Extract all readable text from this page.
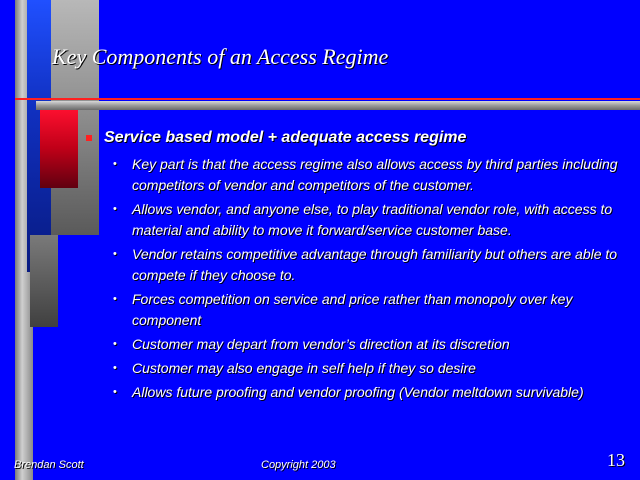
Key Components of an Access Regime
Service based model + adequate access regime
• Key part is that the access regime also allows access by third parties including competitors of vendor and competitors of the customer.
• Allows vendor, and anyone else, to play traditional vendor role, with access to material and ability to move it forward/service customer base.
• Vendor retains competitive advantage through familiarity but others are able to compete if they choose to.
• Forces competition on service and price rather than monopoly over key component
• Customer may depart from vendor’s direction at its discretion
• Customer may also engage in self help if they so desire
• Allows future proofing and vendor proofing (Vendor meltdown survivable)
Brendan Scott	Copyright 2003	13
